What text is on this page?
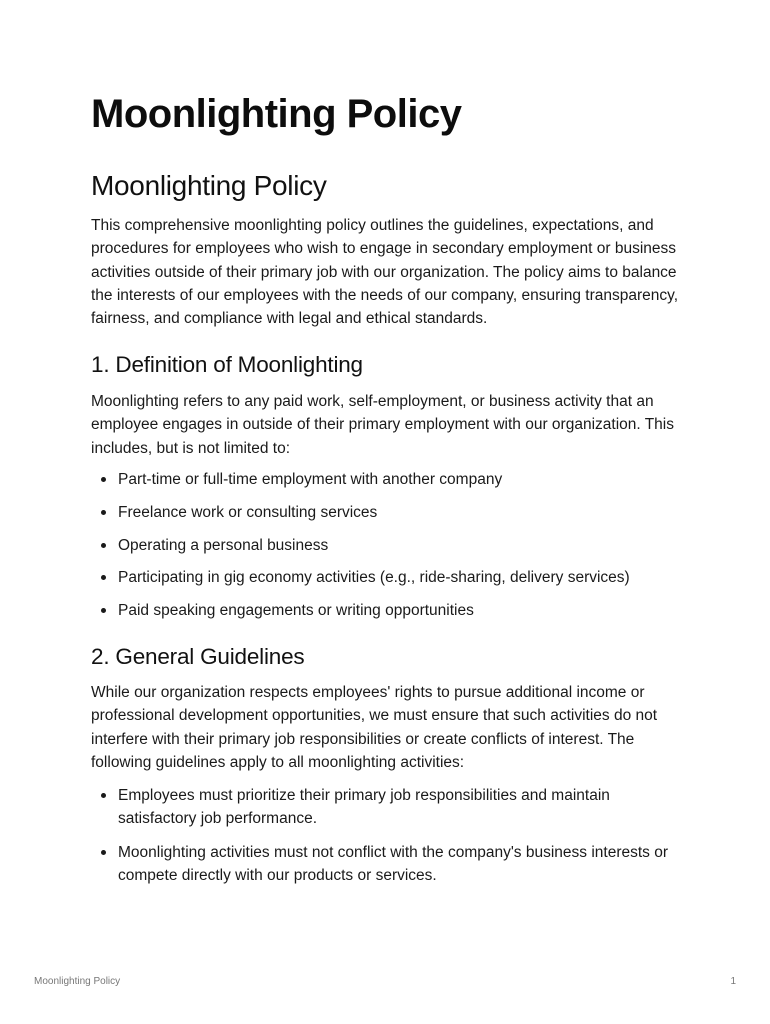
Moonlighting Policy
Moonlighting Policy

This comprehensive moonlighting policy outlines the guidelines, expectations, and procedures for employees who wish to engage in secondary employment or business activities outside of their primary job with our organization. The policy aims to balance the interests of our employees with the needs of our company, ensuring transparency, fairness, and compliance with legal and ethical standards.

1. Definition of Moonlighting

Moonlighting refers to any paid work, self-employment, or business activity that an employee engages in outside of their primary employment with our organization. This includes, but is not limited to:

Part-time or full-time employment with another company
Freelance work or consulting services
Operating a personal business
Participating in gig economy activities (e.g., ride-sharing, delivery services)
Paid speaking engagements or writing opportunities
2. General Guidelines

While our organization respects employees' rights to pursue additional income or professional development opportunities, we must ensure that such activities do not interfere with their primary job responsibilities or create conflicts of interest. The following guidelines apply to all moonlighting activities:

Employees must prioritize their primary job responsibilities and maintain satisfactory job performance.
Moonlighting activities must not conflict with the company's business interests or compete directly with our products or services.
Moonlighting Policy	1
